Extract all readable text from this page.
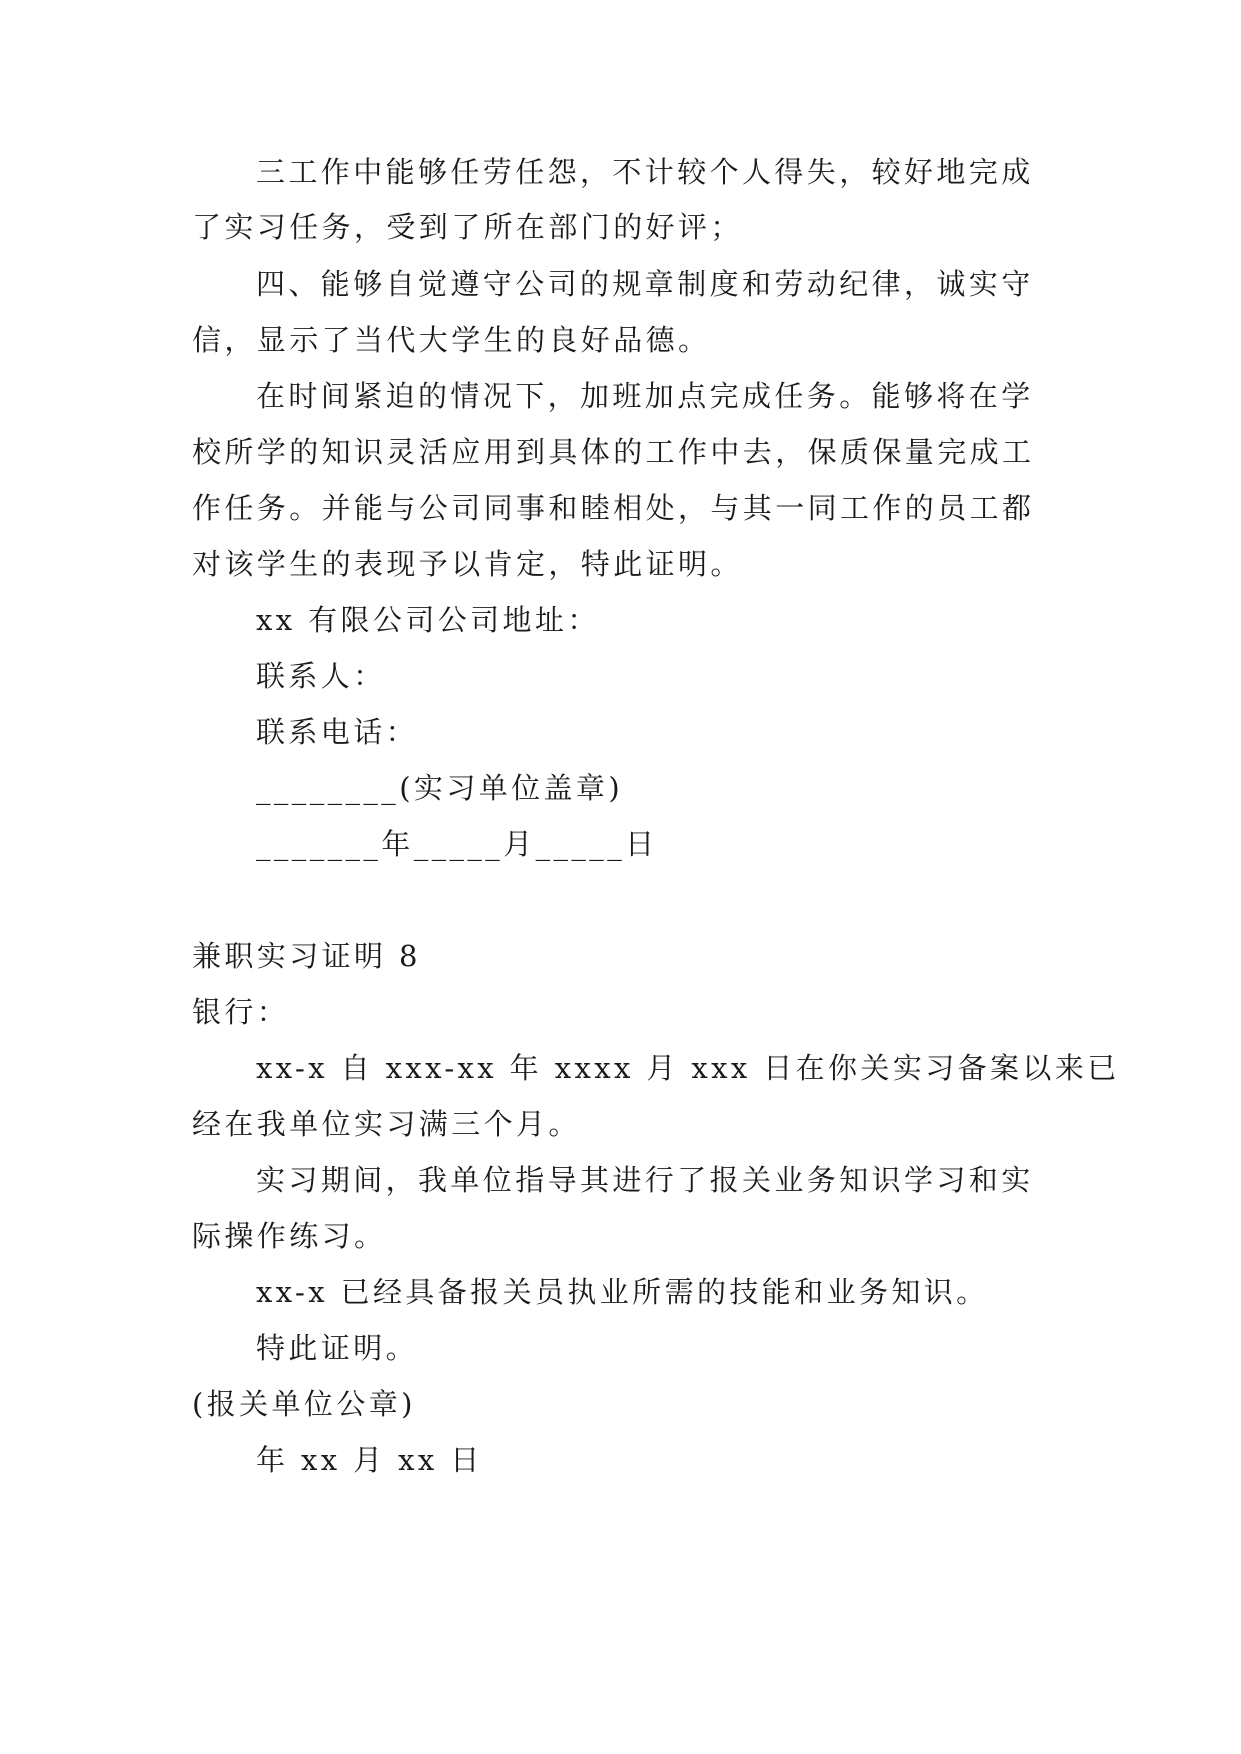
三工作中能够任劳任怨，不计较个人得失，较好地完成
了实习任务，受到了所在部门的好评；
四、能够自觉遵守公司的规章制度和劳动纪律，诚实守
信，显示了当代大学生的良好品德。
在时间紧迫的情况下，加班加点完成任务。能够将在学
校所学的知识灵活应用到具体的工作中去，保质保量完成工
作任务。并能与公司同事和睦相处，与其一同工作的员工都
对该学生的表现予以肯定，特此证明。
xx 有限公司公司地址：
联系人：
联系电话：
________(实习单位盖章)
_______年_____月_____日
兼职实习证明 8
银行：
xx-x 自 xxx-xx 年 xxxx 月 xxx 日在你关实习备案以来已
经在我单位实习满三个月。
实习期间，我单位指导其进行了报关业务知识学习和实
际操作练习。
xx-x 已经具备报关员执业所需的技能和业务知识。
特此证明。
(报关单位公章)
年 xx 月 xx 日
